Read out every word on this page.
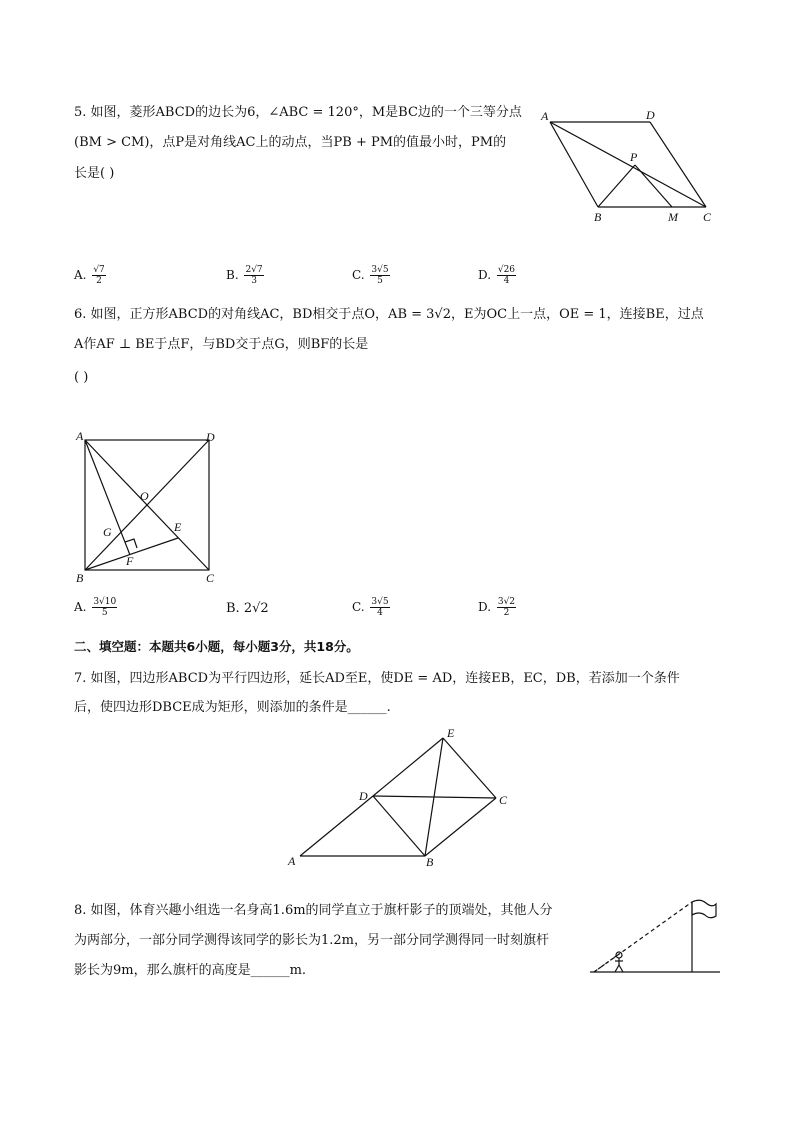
5. 如图，菱形ABCD的边长为6，∠ABC = 120°，M是BC边的一个三等分点
(BM > CM)，点P是对角线AC上的动点，当PB + PM的值最小时，PM的
长是( )
A	D
P
B	M C
A. $\frac{√7}{2}$	B. $\frac{2√7}{3}$	C. $\frac{3√5}{5}$	D. $\frac{√26}{4}$
6. 如图，正方形ABCD的对角线AC，BD相交于点O，AB = 3√2，E为OC上一点，OE = 1，连接BE，过点
A作AF ⊥ BE于点F，与BD交于点G，则BF的长是
( )
A	D
O
G	E
F
B	C
A. $\frac{3√10}{5}$	B. 2√2	C. $\frac{3√5}{4}$	D. $\frac{3√2}{2}$
二、填空题：本题共6小题，每小题3分，共18分。
7. 如图，四边形ABCD为平行四边形，延长AD至E，使DE = AD，连接EB，EC，DB，若添加一个条件
后，使四边形DBCE成为矩形，则添加的条件是______.
E
D	C
A	B
8. 如图，体育兴趣小组选一名身高1.6m的同学直立于旗杆影子的顶端处，其他人分
为两部分，一部分同学测得该同学的影长为1.2m，另一部分同学测得同一时刻旗杆
影长为9m，那么旗杆的高度是______m.
